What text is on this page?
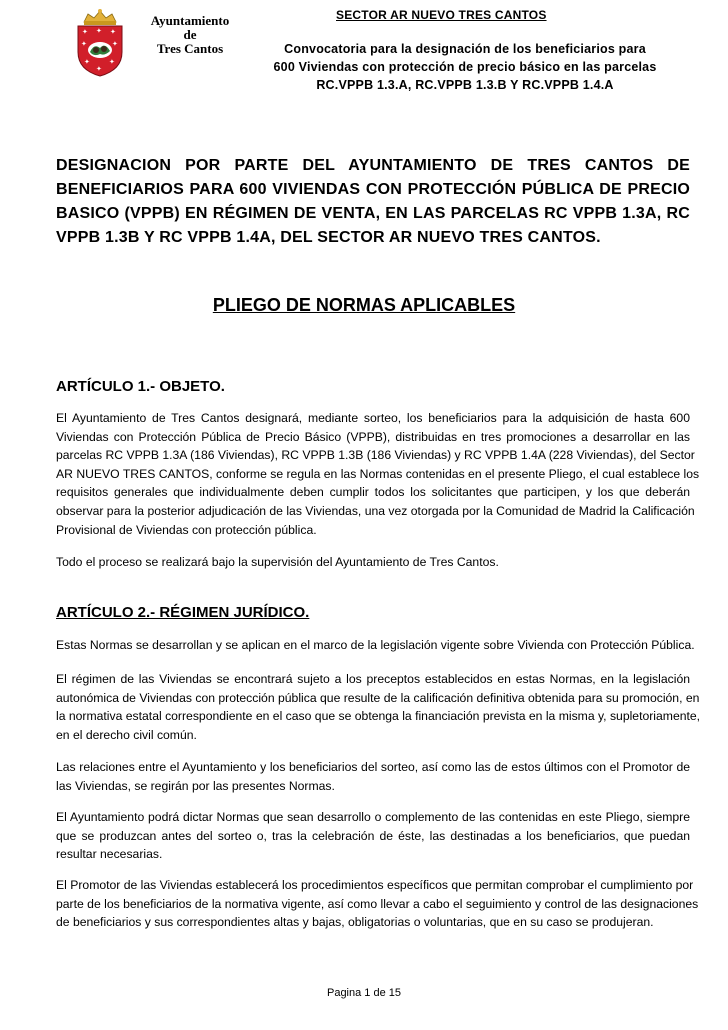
✦ ✦ ✦
✦	✦
✦	✦
✦
Ayuntamiento
de
Tres Cantos
SECTOR AR NUEVO TRES CANTOS
Convocatoria para la designación de los beneficiarios para
600 Viviendas con protección de precio básico en las parcelas
RC.VPPB 1.3.A, RC.VPPB 1.3.B Y RC.VPPB 1.4.A
DESIGNACION POR PARTE DEL AYUNTAMIENTO DE TRES CANTOS DE
BENEFICIARIOS PARA 600 VIVIENDAS CON PROTECCIÓN PÚBLICA DE PRECIO
BASICO (VPPB) EN RÉGIMEN DE VENTA, EN LAS PARCELAS RC VPPB 1.3A, RC
VPPB 1.3B Y RC VPPB 1.4A, DEL SECTOR AR NUEVO TRES CANTOS.
PLIEGO DE NORMAS APLICABLES
ARTÍCULO 1.- OBJETO.
El Ayuntamiento de Tres Cantos designará, mediante sorteo, los beneficiarios para la adquisición de hasta 600
Viviendas con Protección Pública de Precio Básico (VPPB), distribuidas en tres promociones a desarrollar en las
parcelas RC VPPB 1.3A (186 Viviendas), RC VPPB 1.3B (186 Viviendas) y RC VPPB 1.4A (228 Viviendas), del Sector
AR NUEVO TRES CANTOS, conforme se regula en las Normas contenidas en el presente Pliego, el cual establece los
requisitos generales que individualmente deben cumplir todos los solicitantes que participen, y los que deberán
observar para la posterior adjudicación de las Viviendas, una vez otorgada por la Comunidad de Madrid la Calificación
Provisional de Viviendas con protección pública.
Todo el proceso se realizará bajo la supervisión del Ayuntamiento de Tres Cantos.
ARTÍCULO 2.- RÉGIMEN JURÍDICO.
Estas Normas se desarrollan y se aplican en el marco de la legislación vigente sobre Vivienda con Protección Pública.
El régimen de las Viviendas se encontrará sujeto a los preceptos establecidos en estas Normas, en la legislación
autonómica de Viviendas con protección pública que resulte de la calificación definitiva obtenida para su promoción, en
la normativa estatal correspondiente en el caso que se obtenga la financiación prevista en la misma y, supletoriamente,
en el derecho civil común.
Las relaciones entre el Ayuntamiento y los beneficiarios del sorteo, así como las de estos últimos con el Promotor de
las Viviendas, se regirán por las presentes Normas.
El Ayuntamiento podrá dictar Normas que sean desarrollo o complemento de las contenidas en este Pliego, siempre
que se produzcan antes del sorteo o, tras la celebración de éste, las destinadas a los beneficiarios, que puedan
resultar necesarias.
El Promotor de las Viviendas establecerá los procedimientos específicos que permitan comprobar el cumplimiento por
parte de los beneficiarios de la normativa vigente, así como llevar a cabo el seguimiento y control de las designaciones
de beneficiarios y sus correspondientes altas y bajas, obligatorias o voluntarias, que en su caso se produjeran.
Pagina 1 de 15
